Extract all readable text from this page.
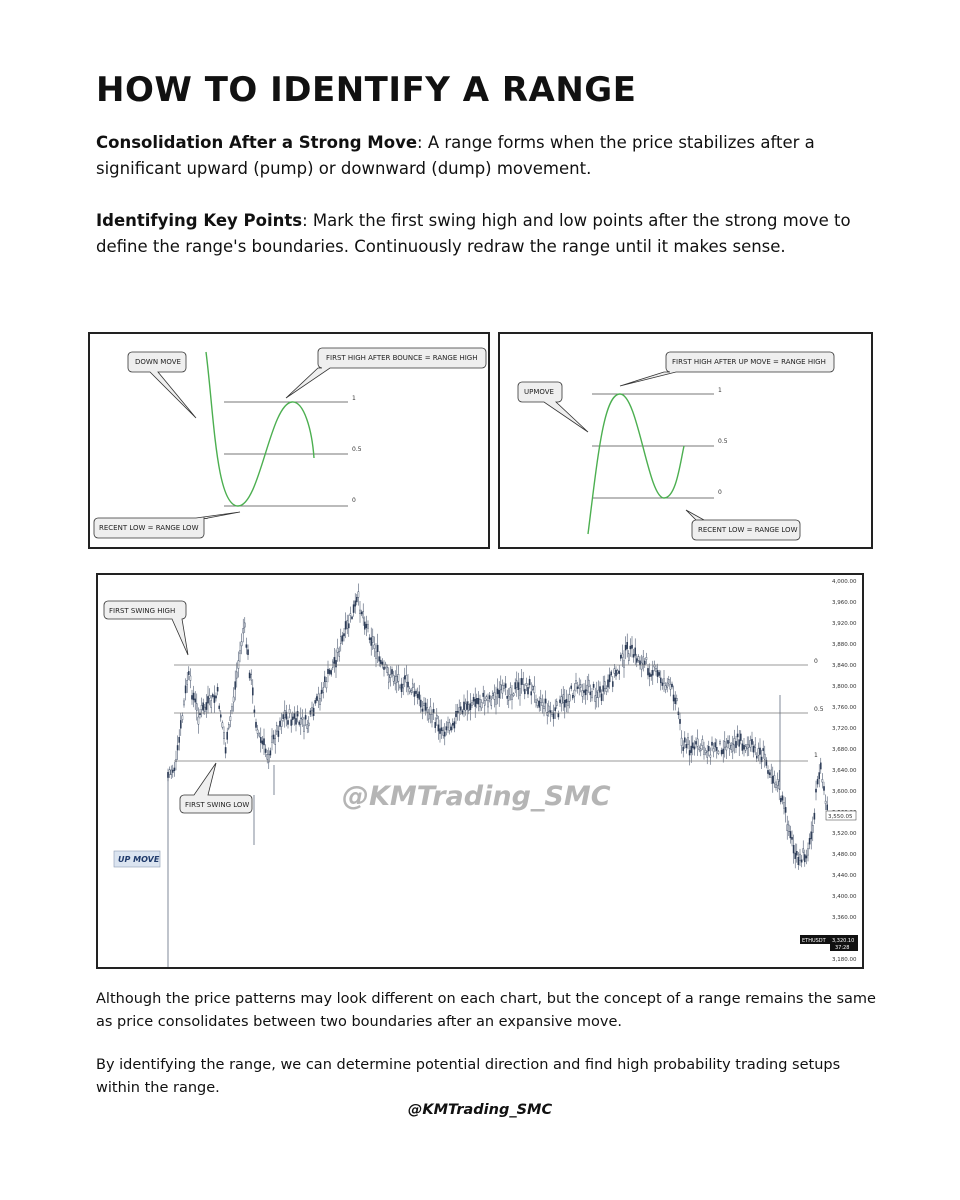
HOW TO IDENTIFY A RANGE
Consolidation After a Strong Move: A range forms when the price stabilizes after a significant upward (pump) or downward (dump) movement.
Identifying Key Points: Mark the first swing high and low points after the strong move to define the range's boundaries. Continuously redraw the range until it makes sense.
1
0.5
0
DOWN MOVE	FIRST HIGH AFTER BOUNCE = RANGE HIGH
RECENT LOW = RANGE LOW
1
0.5
0
UPMOVE
FIRST HIGH AFTER UP MOVE = RANGE HIGH
RECENT LOW = RANGE LOW
0
0.5
1
@KMTrading_SMC
FIRST SWING HIGH
FIRST SWING LOW
UP MOVE
4,000.00
3,960.00
3,920.00
3,880.00
3,840.00
3,800.00
3,760.00
3,720.00
3,680.00
3,640.00
3,600.00
3,520.00
3,480.00
3,440.00
3,400.00
3,360.00
3,180.00
3,550.05
ETHUSDT 3,320.10
37:28
Although the price patterns may look different on each chart, but the concept of a range remains the same as price consolidates between two boundaries after an expansive move.
By identifying the range, we can determine potential direction and find high probability trading setups within the range.
@KMTrading_SMC
